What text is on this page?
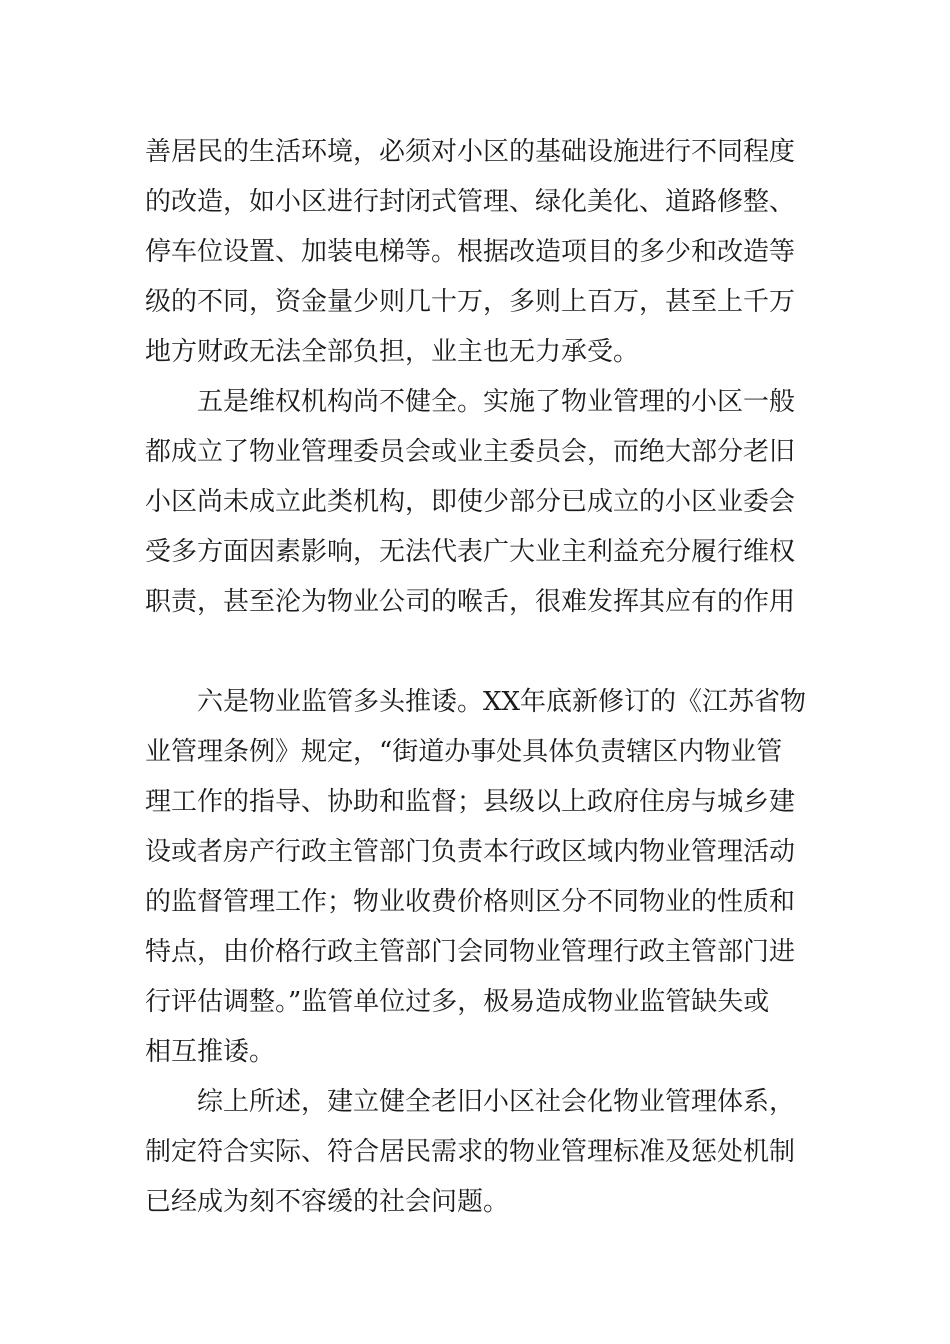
善居民的生活环境，必须对小区的基础设施进行不同程度
的改造，如小区进行封闭式管理、绿化美化、道路修整、
停车位设置、加装电梯等。根据改造项目的多少和改造等
级的不同，资金量少则几十万，多则上百万，甚至上千万
地方财政无法全部负担，业主也无力承受。
五是维权机构尚不健全。实施了物业管理的小区一般
都成立了物业管理委员会或业主委员会，而绝大部分老旧
小区尚未成立此类机构，即使少部分已成立的小区业委会
受多方面因素影响，无法代表广大业主利益充分履行维权
职责，甚至沦为物业公司的喉舌，很难发挥其应有的作用
六是物业监管多头推诿。XX年底新修订的《江苏省物
业管理条例》规定，“街道办事处具体负责辖区内物业管
理工作的指导、协助和监督；县级以上政府住房与城乡建
设或者房产行政主管部门负责本行政区域内物业管理活动
的监督管理工作；物业收费价格则区分不同物业的性质和
特点，由价格行政主管部门会同物业管理行政主管部门进
行评估调整。”监管单位过多，极易造成物业监管缺失或
相互推诿。
综上所述，建立健全老旧小区社会化物业管理体系，
制定符合实际、符合居民需求的物业管理标准及惩处机制
已经成为刻不容缓的社会问题。
